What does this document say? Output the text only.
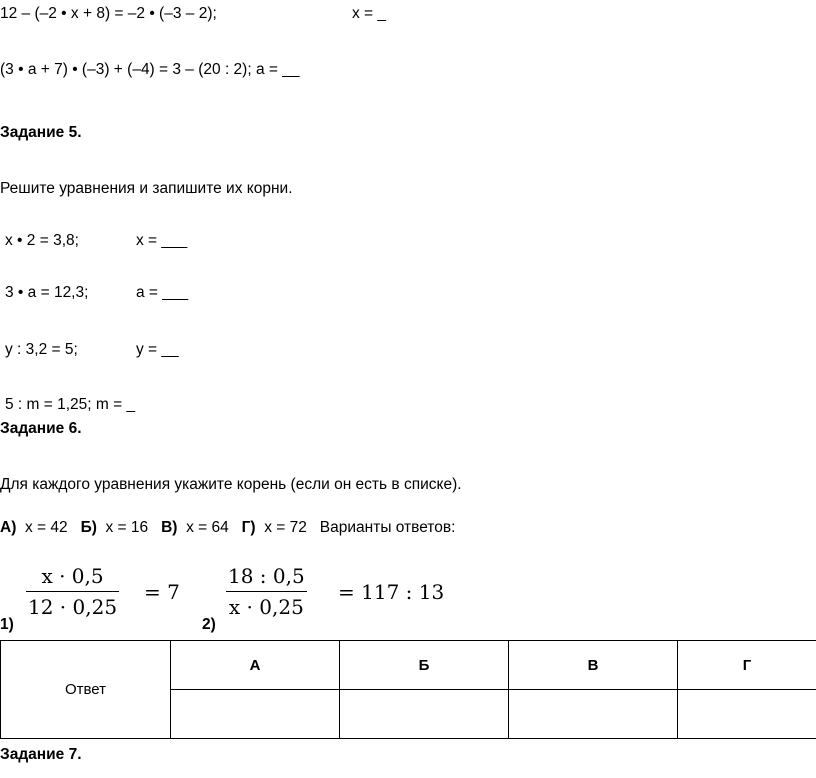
12 – (–2 • x + 8) = –2 • (–3 – 2);	x = _
(3 • a + 7) • (–3) + (–4) = 3 – (20 : 2); a = __
Задание 5.
Решите уравнения и запишите их корни.
x • 2 = 3,8;	x = ___
3 • a = 12,3;	a = ___
y : 3,2 = 5;	y = __
5 : m = 1,25; m = _
Задание 6.
Для каждого уравнения укажите корень (если он есть в списке).
А) x = 42 Б) x = 16 В) x = 64 Г) x = 72 Варианты ответов:
x · 0,5
12 · 0,25
= 7
1)
18 : 0,5
x · 0,25
= 117 : 13
2)
Ответ	А	Б	В	Г

Задание 7.
